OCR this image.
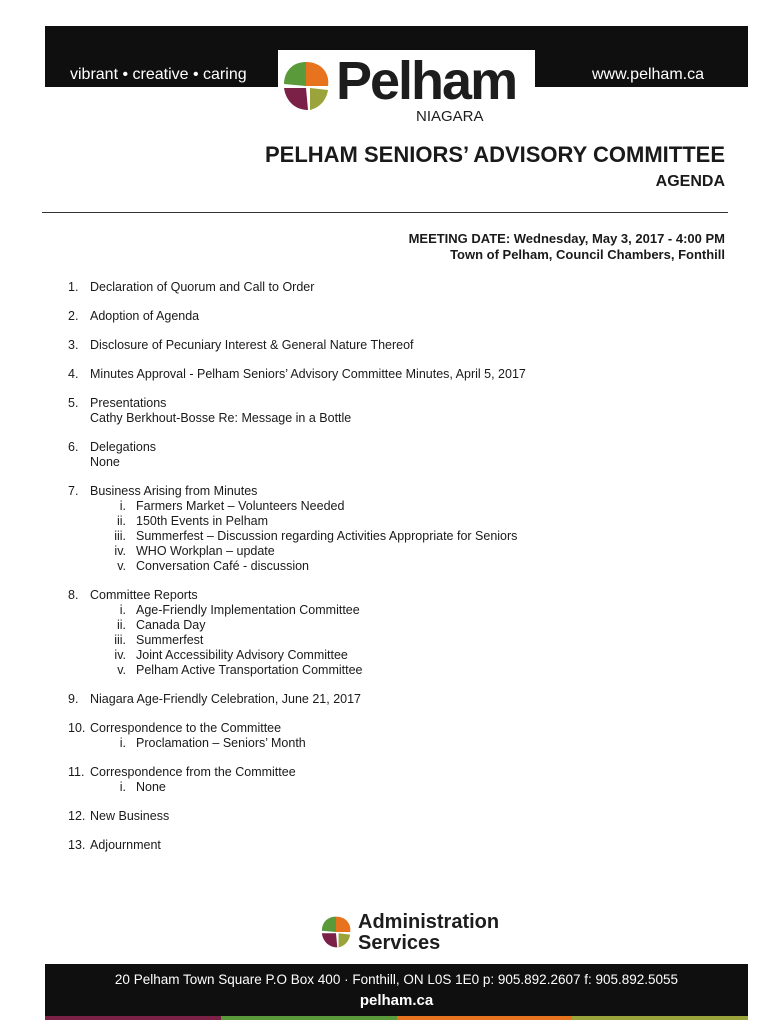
vibrant • creative • caring	www.pelham.ca
Pelham
NIAGARA
PELHAM SENIORS’ ADVISORY COMMITTEE
AGENDA
MEETING DATE: Wednesday, May 3, 2017 - 4:00 PM
Town of Pelham, Council Chambers, Fonthill
1. Declaration of Quorum and Call to Order
2. Adoption of Agenda
3. Disclosure of Pecuniary Interest & General Nature Thereof
4. Minutes Approval - Pelham Seniors’ Advisory Committee Minutes, April 5, 2017
5. Presentations
Cathy Berkhout-Bosse Re: Message in a Bottle
6. Delegations
None
7. Business Arising from Minutes
i. Farmers Market – Volunteers Needed
ii. 150th Events in Pelham
iii. Summerfest – Discussion regarding Activities Appropriate for Seniors
iv. WHO Workplan – update
v. Conversation Café - discussion
8. Committee Reports
i. Age-Friendly Implementation Committee
ii. Canada Day
iii. Summerfest
iv. Joint Accessibility Advisory Committee
v. Pelham Active Transportation Committee
9. Niagara Age-Friendly Celebration, June 21, 2017
10. Correspondence to the Committee
i. Proclamation – Seniors’ Month
11. Correspondence from the Committee
i. None
12. New Business
13. Adjournment
Administration
Services
20 Pelham Town Square P.O Box 400 · Fonthill, ON L0S 1E0 p: 905.892.2607 f: 905.892.5055
pelham.ca
